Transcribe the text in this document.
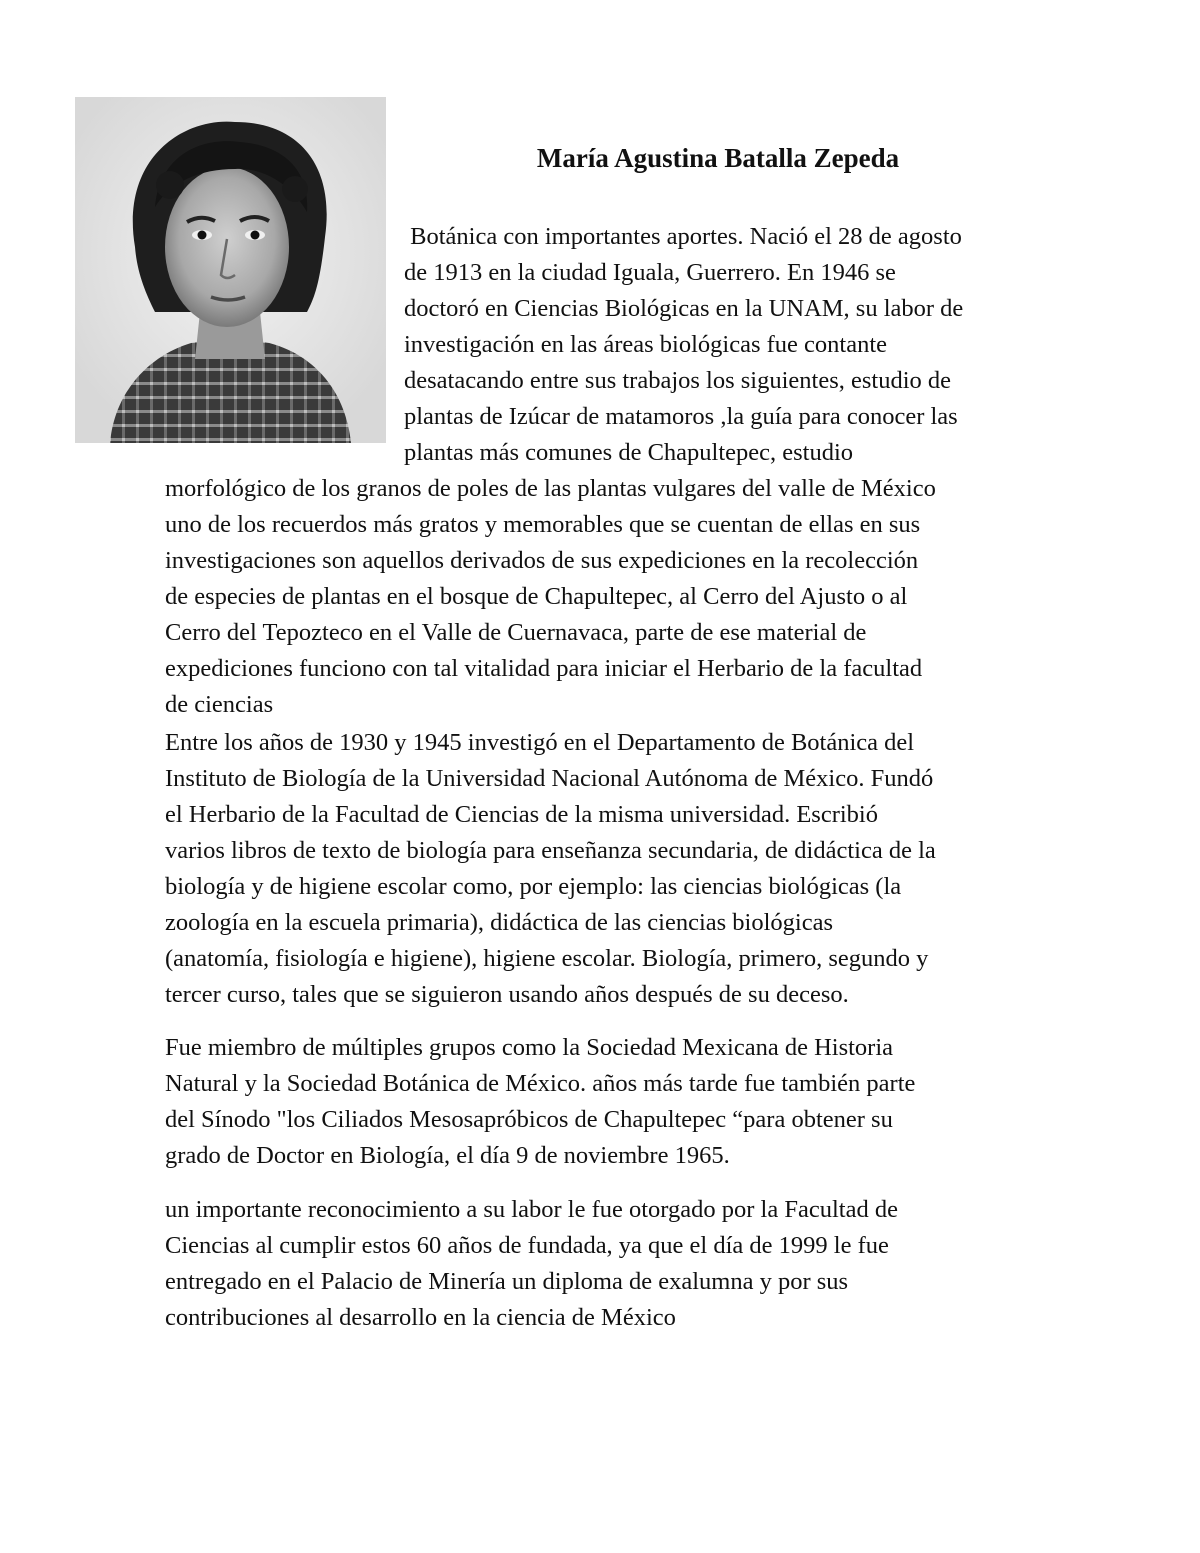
María Agustina Batalla Zepeda

Botánica con importantes aportes. Nació el 28 de agosto

de 1913 en la ciudad Iguala, Guerrero. En 1946 se

doctoró en Ciencias Biológicas en la UNAM, su labor de

investigación en las áreas biológicas fue contante

desatacando entre sus trabajos los siguientes, estudio de

plantas de Izúcar de matamoros ,la guía para conocer las

plantas más comunes de Chapultepec, estudio

morfológico de los granos de poles de las plantas vulgares del valle de México

uno de los recuerdos más gratos y memorables que se cuentan de ellas en sus

investigaciones son aquellos derivados de sus expediciones en la recolección

de especies de plantas en el bosque de Chapultepec, al Cerro del Ajusto o al

Cerro del Tepozteco en el Valle de Cuernavaca, parte de ese material de

expediciones funciono con tal vitalidad para iniciar el Herbario de la facultad

de ciencias

Entre los años de 1930 y 1945 investigó en el Departamento de Botánica del

Instituto de Biología de la Universidad Nacional Autónoma de México. Fundó

el Herbario de la Facultad de Ciencias de la misma universidad. Escribió

varios libros de texto de biología para enseñanza secundaria, de didáctica de la

biología y de higiene escolar como, por ejemplo: las ciencias biológicas (la

zoología en la escuela primaria), didáctica de las ciencias biológicas

(anatomía, fisiología e higiene), higiene escolar. Biología, primero, segundo y

tercer curso, tales que se siguieron usando años después de su deceso.

Fue miembro de múltiples grupos como la Sociedad Mexicana de Historia

Natural y la Sociedad Botánica de México. años más tarde fue también parte

del Sínodo "los Ciliados Mesosapróbicos de Chapultepec “para obtener su

grado de Doctor en Biología, el día 9 de noviembre 1965.

un importante reconocimiento a su labor le fue otorgado por la Facultad de

Ciencias al cumplir estos 60 años de fundada, ya que el día de 1999 le fue

entregado en el Palacio de Minería un diploma de exalumna y por sus

contribuciones al desarrollo en la ciencia de México
